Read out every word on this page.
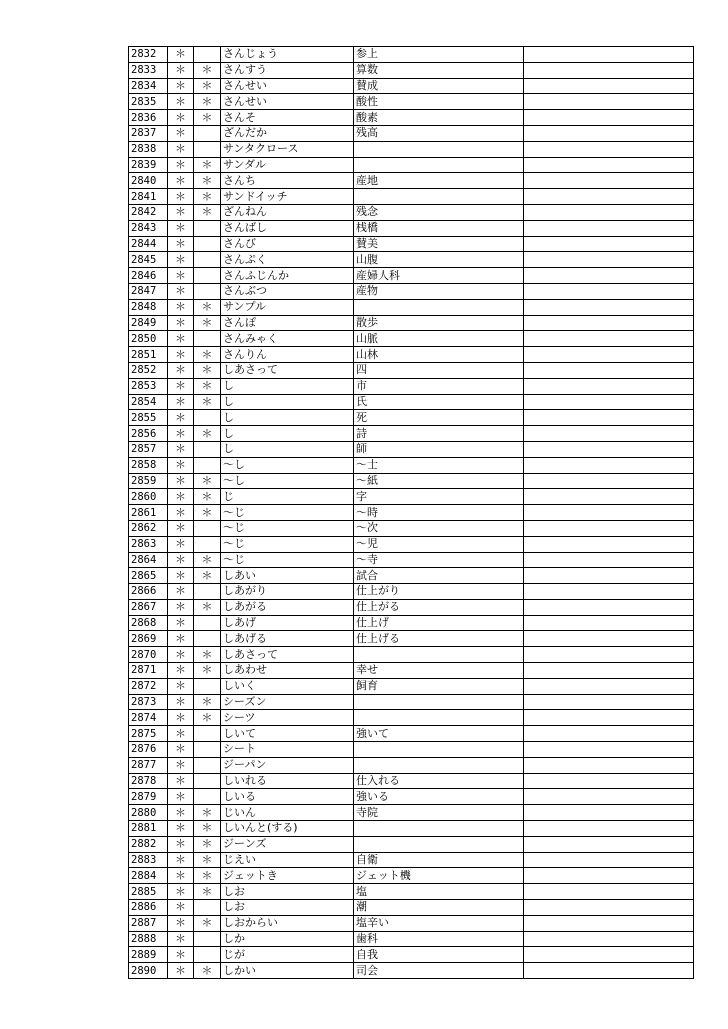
2832	＊		さんじょう	参上	
2833	＊	＊	さんすう	算数	
2834	＊	＊	さんせい	賛成	
2835	＊	＊	さんせい	酸性	
2836	＊	＊	さんそ	酸素	
2837	＊		ざんだか	残高	
2838	＊		サンタクロース		
2839	＊	＊	サンダル		
2840	＊	＊	さんち	産地	
2841	＊	＊	サンドイッチ		
2842	＊	＊	ざんねん	残念	
2843	＊		さんばし	桟橋	
2844	＊		さんび	賛美	
2845	＊		さんぷく	山腹	
2846	＊		さんふじんか	産婦人科	
2847	＊		さんぶつ	産物	
2848	＊	＊	サンプル		
2849	＊	＊	さんぽ	散歩	
2850	＊		さんみゃく	山脈	
2851	＊	＊	さんりん	山林	
2852	＊	＊	しあさって	四	
2853	＊	＊	し	市	
2854	＊	＊	し	氏	
2855	＊		し	死	
2856	＊	＊	し	詩	
2857	＊		し	師	
2858	＊		～し	～士	
2859	＊	＊	～し	～紙	
2860	＊	＊	じ	字	
2861	＊	＊	～じ	～時	
2862	＊		～じ	～次	
2863	＊		～じ	～児	
2864	＊	＊	～じ	～寺	
2865	＊	＊	しあい	試合	
2866	＊		しあがり	仕上がり	
2867	＊	＊	しあがる	仕上がる	
2868	＊		しあげ	仕上げ	
2869	＊		しあげる	仕上げる	
2870	＊	＊	しあさって		
2871	＊	＊	しあわせ	幸せ	
2872	＊		しいく	飼育	
2873	＊	＊	シーズン		
2874	＊	＊	シーツ		
2875	＊		しいて	強いて	
2876	＊		シート		
2877	＊		ジーパン		
2878	＊		しいれる	仕入れる	
2879	＊		しいる	強いる	
2880	＊	＊	じいん	寺院	
2881	＊	＊	しいんと(する)		
2882	＊	＊	ジーンズ		
2883	＊	＊	じえい	自衛	
2884	＊	＊	ジェットき	ジェット機	
2885	＊	＊	しお	塩	
2886	＊		しお	潮	
2887	＊	＊	しおからい	塩辛い	
2888	＊		しか	歯科	
2889	＊		じが	自我	
2890	＊	＊	しかい	司会	
